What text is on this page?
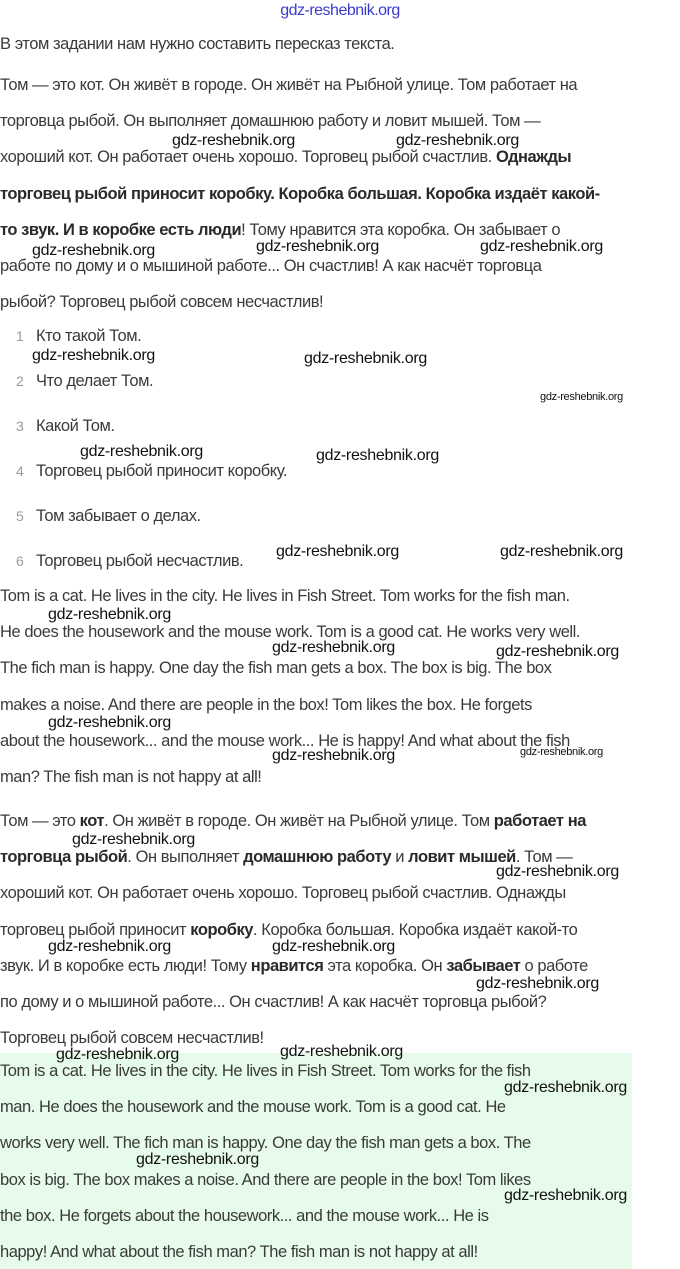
gdz-reshebnik.org
В этом задании нам нужно составить пересказ текста.
Том — это кот. Он живёт в городе. Он живёт на Рыбной улице. Том работает на
торговца рыбой. Он выполняет домашнюю работу и ловит мышей. Том —
хороший кот. Он работает очень хорошо. Торговец рыбой счастлив. Однажды
торговец рыбой приносит коробку. Коробка большая. Коробка издаёт какой-
то звук. И в коробке есть люди! Тому нравится эта коробка. Он забывает о
работе по дому и о мышиной работе... Он счастлив! А как насчёт торговца
рыбой? Торговец рыбой совсем несчастлив!
Tom is a cat. He lives in the city. He lives in Fish Street. Tom works for the fish man.
He does the housework and the mouse work. Tom is a good cat. He works very well.
The fich man is happy. One day the fish man gets a box. The box is big. The box
makes a noise. And there are people in the box! Tom likes the box. He forgets
about the housework... and the mouse work... He is happy! And what about the fish
man? The fish man is not happy at all!
Том — это кот. Он живёт в городе. Он живёт на Рыбной улице. Том работает на
торговца рыбой. Он выполняет домашнюю работу и ловит мышей. Том —
хороший кот. Он работает очень хорошо. Торговец рыбой счастлив. Однажды
торговец рыбой приносит коробку. Коробка большая. Коробка издаёт какой-то
звук. И в коробке есть люди! Тому нравится эта коробка. Он забывает о работе
по дому и о мышиной работе... Он счастлив! А как насчёт торговца рыбой?
Торговец рыбой совсем несчастлив!
Tom is a cat. He lives in the city. He lives in Fish Street. Tom works for the fish
man. He does the housework and the mouse work. Tom is a good cat. He
works very well. The fich man is happy. One day the fish man gets a box. The
box is big. The box makes a noise. And there are people in the box! Tom likes
the box. He forgets about the housework... and the mouse work... He is
happy! And what about the fish man? The fish man is not happy at all!
1 Кто такой Том.
2 Что делает Том.
3 Какой Том.
4 Торговец рыбой приносит коробку.
5 Том забывает о делах.
6 Торговец рыбой несчастлив.
gdz-reshebnik.org	gdz-reshebnik.org
gdz-reshebnik.org	gdz-reshebnik.org	gdz-reshebnik.org
gdz-reshebnik.org	gdz-reshebnik.org
gdz-reshebnik.org	gdz-reshebnik.org
gdz-reshebnik.org	gdz-reshebnik.org
gdz-reshebnik.org
gdz-reshebnik.org	gdz-reshebnik.org
gdz-reshebnik.org
gdz-reshebnik.org
gdz-reshebnik.org
gdz-reshebnik.org
gdz-reshebnik.org	gdz-reshebnik.org
gdz-reshebnik.org
gdz-reshebnik.org	gdz-reshebnik.org
gdz-reshebnik.org
gdz-reshebnik.org
gdz-reshebnik.org
gdz-reshebnik.org
gdz-reshebnik.org
